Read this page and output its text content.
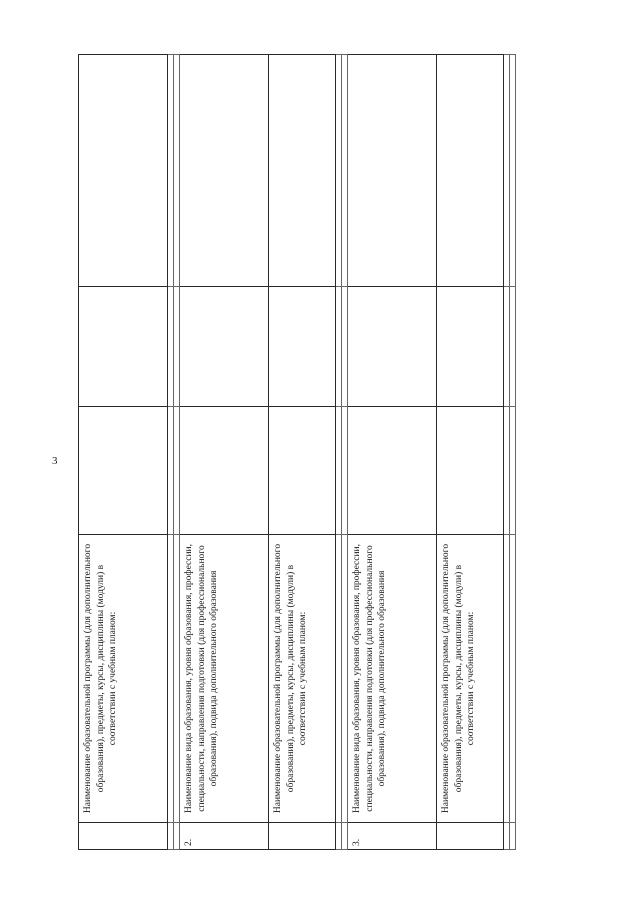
3

	Наименование образовательной программы (для дополнительного образования), предметы, курсы, дисциплины (модули) в соответствии с учебным планом:			

2.	Наименование вида образования, уровня образования, профессии, специальности, направления подготовки (для профессионального образования), подвида дополнительного образования			

	Наименование образовательной программы (для дополнительного образования), предметы, курсы, дисциплины (модули) в соответствии с учебным планом:			

3.	Наименование вида образования, уровня образования, профессии, специальности, направления подготовки (для профессионального образования), подвида дополнительного образования			

	Наименование образовательной программы (для дополнительного образования), предметы, курсы, дисциплины (модули) в соответствии с учебным планом:			
